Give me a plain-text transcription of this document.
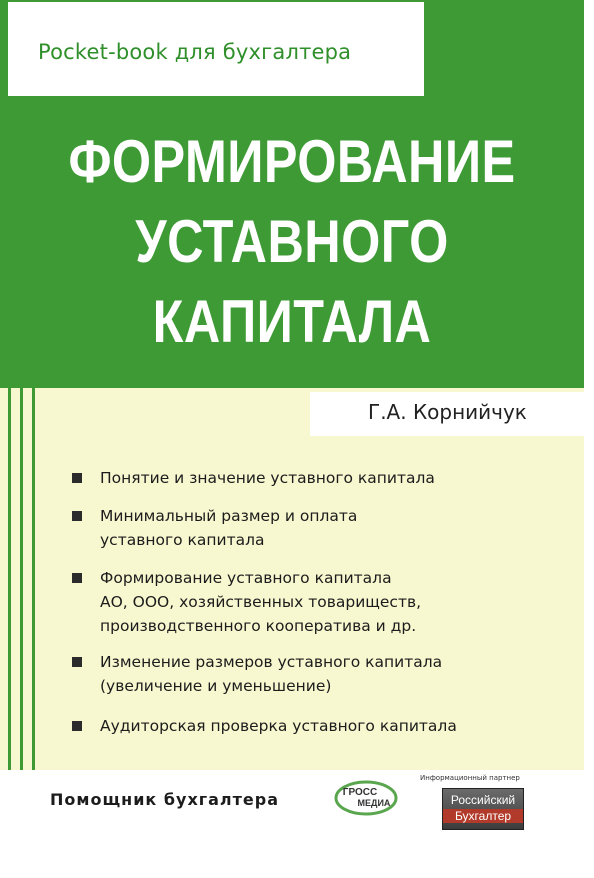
Pocket-book для бухгалтера
ФОРМИРОВАНИЕ
УСТАВНОГО
КАПИТАЛА
Г.А. Корнийчук
Понятие и значение уставного капитала
Минимальный размер и оплата
уставного капитала
Формирование уставного капитала
АО, ООО, хозяйственных товариществ,
производственного кооператива и др.
Изменение размеров уставного капитала
(увеличение и уменьшение)
Аудиторская проверка уставного капитала
Помощник бухгалтера	ГРОСС
МЕДИА
Информационный партнер
Российский
Бухгалтер
